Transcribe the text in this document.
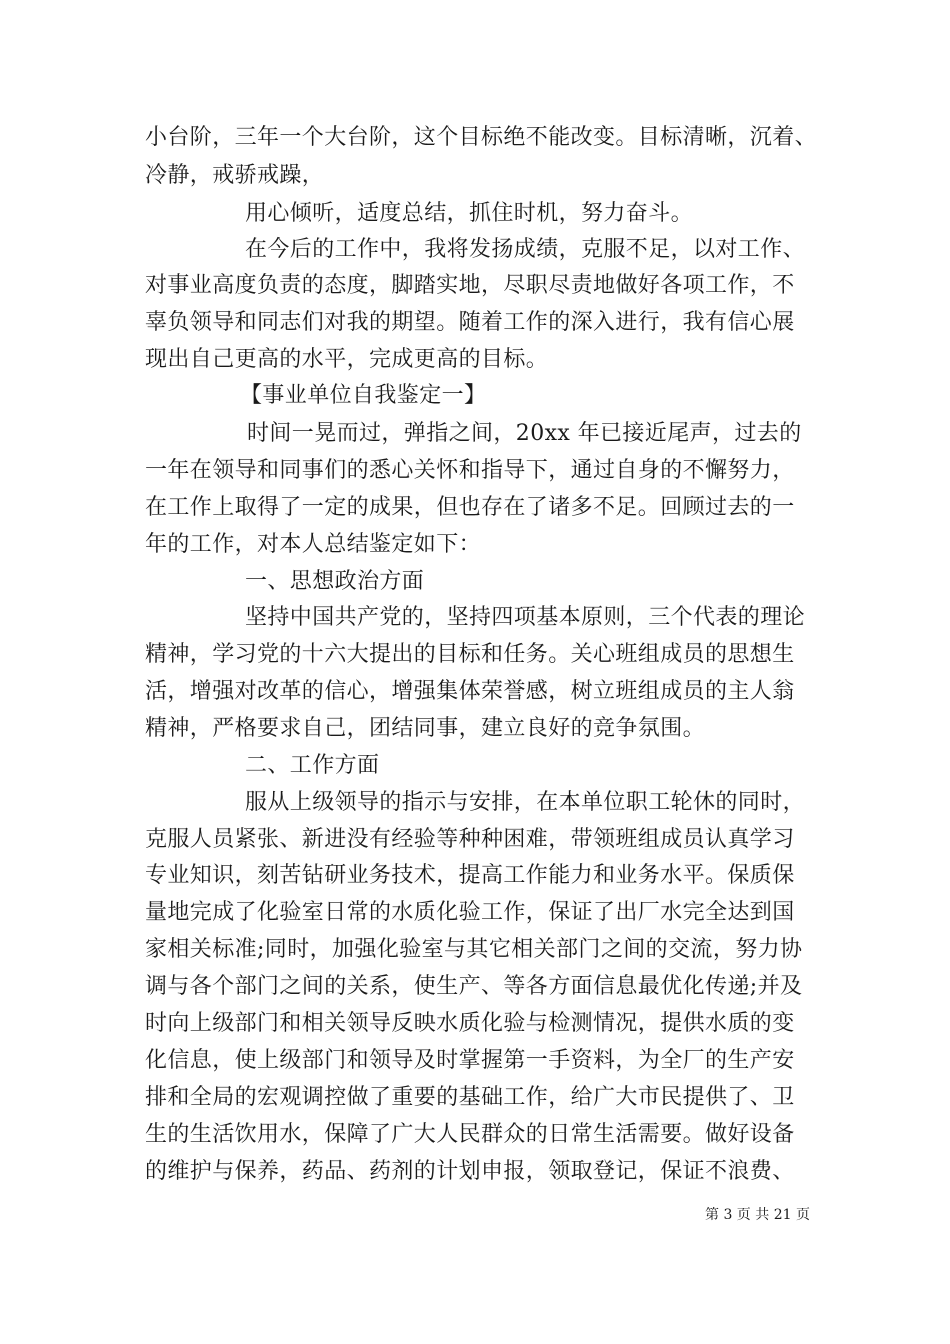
小台阶，三年一个大台阶，这个目标绝不能改变。目标清晰，沉着、
冷静，戒骄戒躁，
用心倾听，适度总结，抓住时机，努力奋斗。
在今后的工作中，我将发扬成绩，克服不足，以对工作、
对事业高度负责的态度，脚踏实地，尽职尽责地做好各项工作，不
辜负领导和同志们对我的期望。随着工作的深入进行，我有信心展
现出自己更高的水平，完成更高的目标。
【事业单位自我鉴定一】
时间一晃而过，弹指之间，20xx 年已接近尾声，过去的
一年在领导和同事们的悉心关怀和指导下，通过自身的不懈努力，
在工作上取得了一定的成果，但也存在了诸多不足。回顾过去的一
年的工作，对本人总结鉴定如下：
一、思想政治方面
坚持中国共产党的，坚持四项基本原则，三个代表的理论
精神，学习党的十六大提出的目标和任务。关心班组成员的思想生
活，增强对改革的信心，增强集体荣誉感，树立班组成员的主人翁
精神，严格要求自己，团结同事，建立良好的竞争氛围。
二、工作方面
服从上级领导的指示与安排，在本单位职工轮休的同时，
克服人员紧张、新进没有经验等种种困难，带领班组成员认真学习
专业知识，刻苦钻研业务技术，提高工作能力和业务水平。保质保
量地完成了化验室日常的水质化验工作，保证了出厂水完全达到国
家相关标准;同时，加强化验室与其它相关部门之间的交流，努力协
调与各个部门之间的关系，使生产、等各方面信息最优化传递;并及
时向上级部门和相关领导反映水质化验与检测情况，提供水质的变
化信息，使上级部门和领导及时掌握第一手资料，为全厂的生产安
排和全局的宏观调控做了重要的基础工作，给广大市民提供了、卫
生的生活饮用水，保障了广大人民群众的日常生活需要。做好设备
的维护与保养，药品、药剂的计划申报，领取登记，保证不浪费、
第 3 页 共 21 页
